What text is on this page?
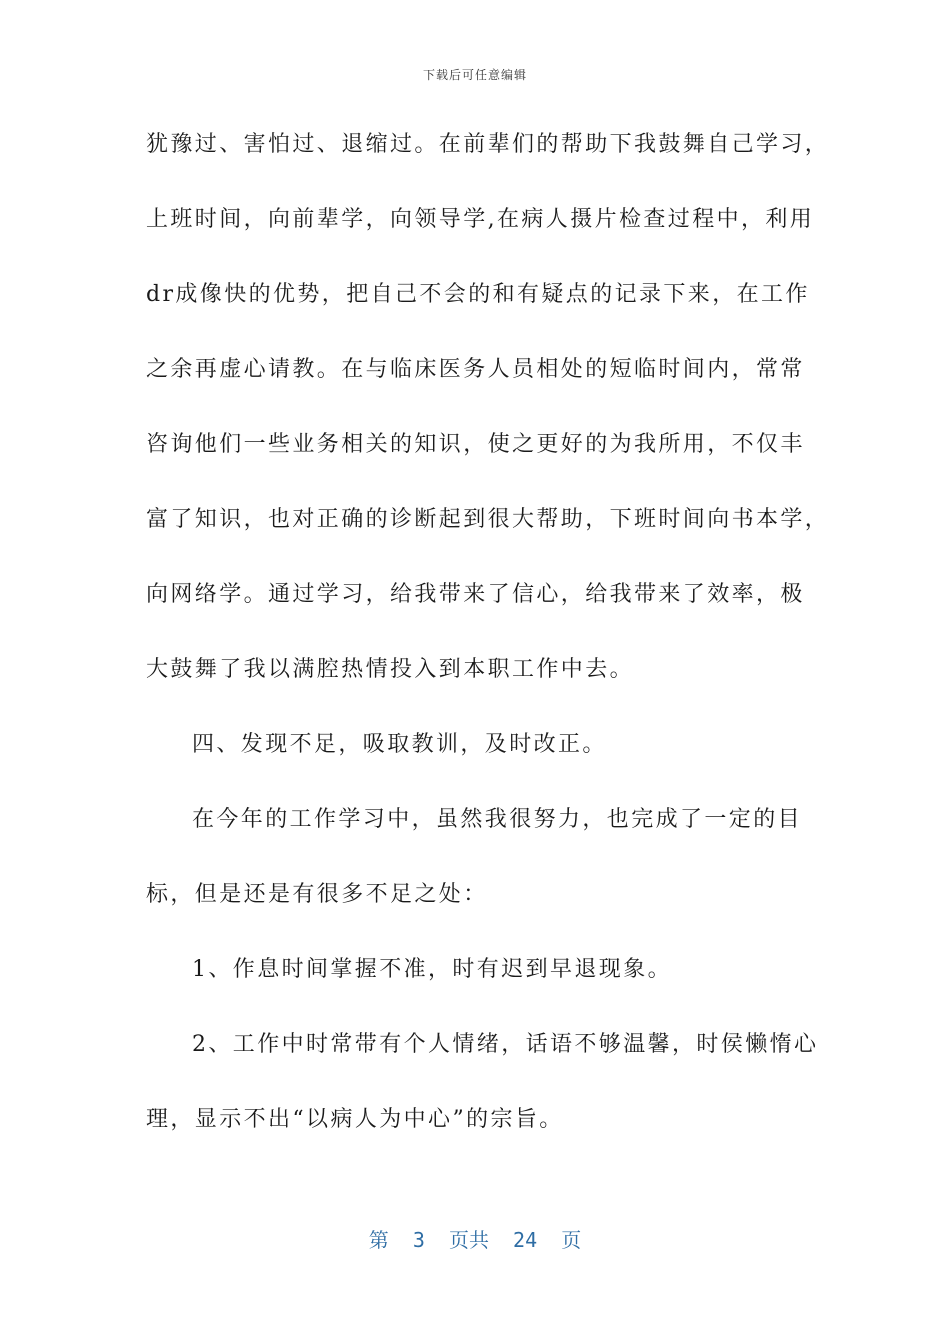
下载后可任意编辑
犹豫过、害怕过、退缩过。在前辈们的帮助下我鼓舞自己学习，
上班时间，向前辈学，向领导学,在病人摄片检查过程中，利用
dr成像快的优势，把自己不会的和有疑点的记录下来，在工作
之余再虚心请教。在与临床医务人员相处的短临时间内，常常
咨询他们一些业务相关的知识，使之更好的为我所用，不仅丰
富了知识，也对正确的诊断起到很大帮助，下班时间向书本学，
向网络学。通过学习，给我带来了信心，给我带来了效率，极
大鼓舞了我以满腔热情投入到本职工作中去。
四、发现不足，吸取教训，及时改正。
在今年的工作学习中，虽然我很努力，也完成了一定的目
标，但是还是有很多不足之处：
1、作息时间掌握不准，时有迟到早退现象。
2、工作中时常带有个人情绪，话语不够温馨，时侯懒惰心
理，显示不出“以病人为中心”的宗旨。
第  3  页共  24  页
